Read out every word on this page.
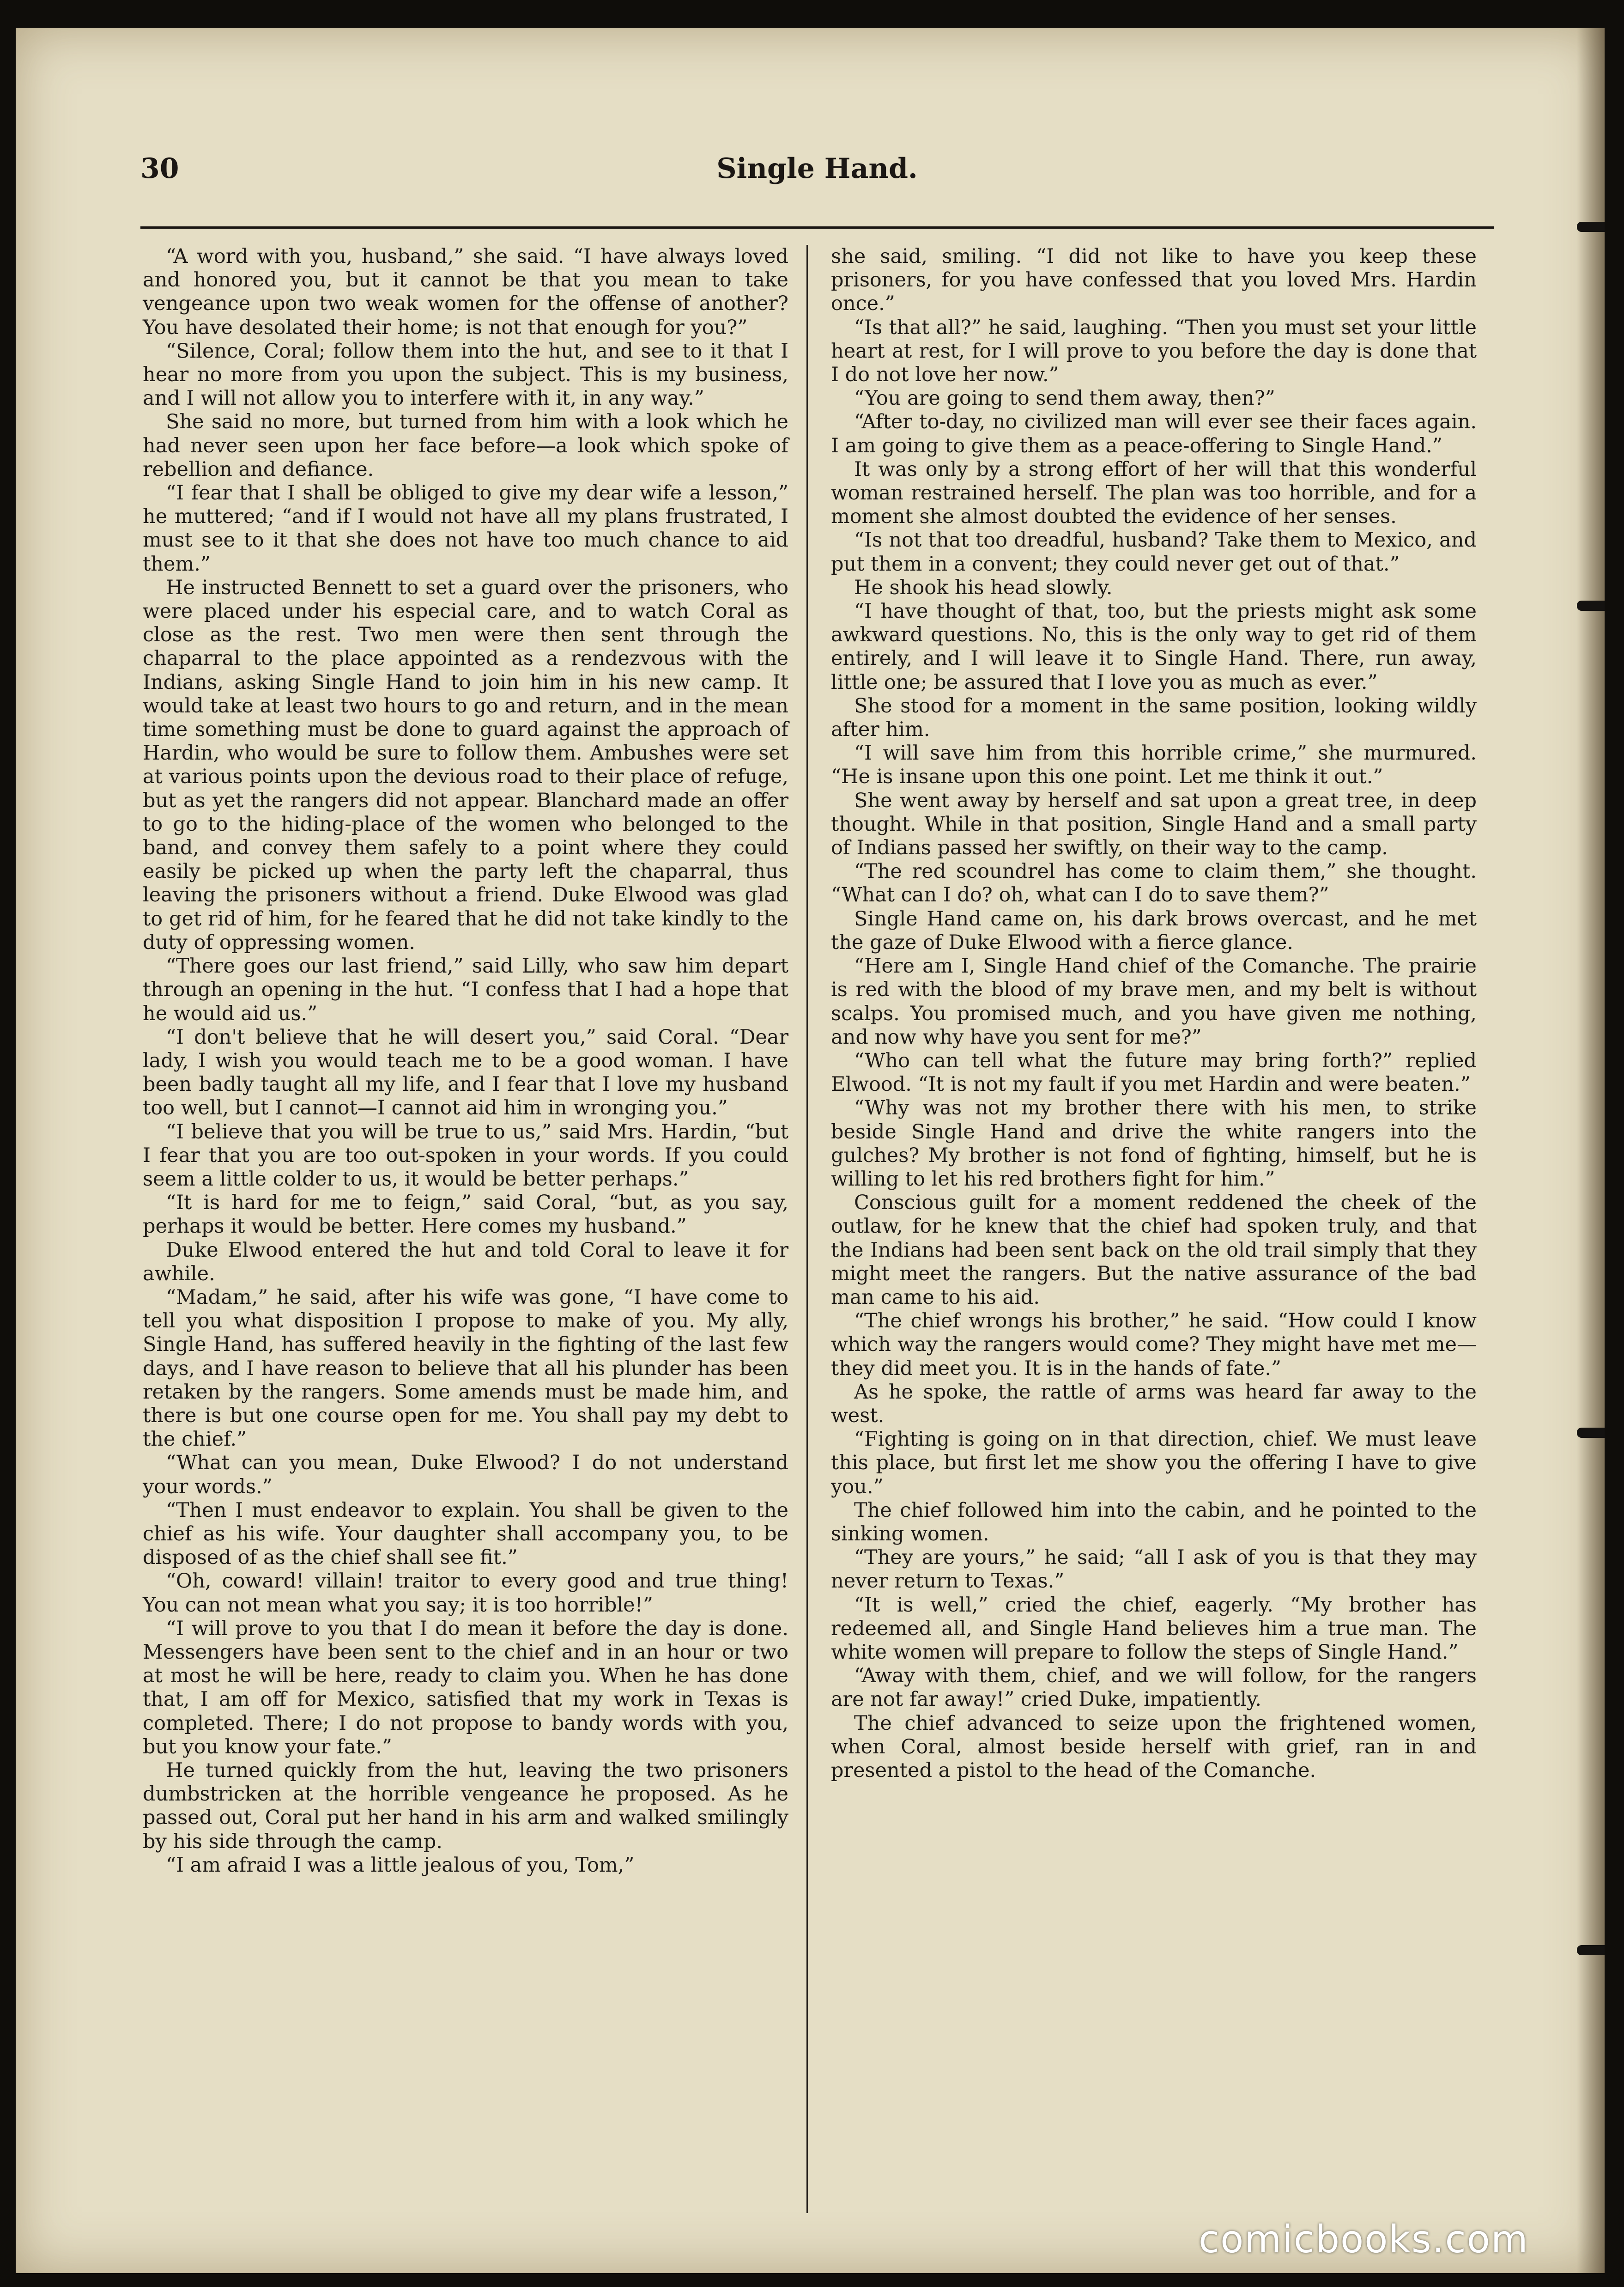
30	Single Hand.

“A word with you, husband,” she said. “I have always loved and honored you, but it cannot be that you mean to take vengeance upon two weak women for the offense of another? You have desolated their home; is not that enough for you?”

“Silence, Coral; follow them into the hut, and see to it that I hear no more from you upon the subject. This is my business, and I will not allow you to interfere with it, in any way.”

She said no more, but turned from him with a look which he had never seen upon her face before—a look which spoke of rebellion and defiance.

“I fear that I shall be obliged to give my dear wife a lesson,” he muttered; “and if I would not have all my plans frustrated, I must see to it that she does not have too much chance to aid them.”

He instructed Bennett to set a guard over the prisoners, who were placed under his especial care, and to watch Coral as close as the rest. Two men were then sent through the chaparral to the place appointed as a rendezvous with the Indians, asking Single Hand to join him in his new camp. It would take at least two hours to go and return, and in the mean time something must be done to guard against the approach of Hardin, who would be sure to follow them. Ambushes were set at various points upon the devious road to their place of refuge, but as yet the rangers did not appear. Blanchard made an offer to go to the hiding-place of the women who belonged to the band, and convey them safely to a point where they could easily be picked up when the party left the chaparral, thus leaving the prisoners without a friend. Duke Elwood was glad to get rid of him, for he feared that he did not take kindly to the duty of oppressing women.

“There goes our last friend,” said Lilly, who saw him depart through an opening in the hut. “I confess that I had a hope that he would aid us.”

“I don't believe that he will desert you,” said Coral. “Dear lady, I wish you would teach me to be a good woman. I have been badly taught all my life, and I fear that I love my husband too well, but I cannot—I cannot aid him in wronging you.”

“I believe that you will be true to us,” said Mrs. Hardin, “but I fear that you are too out-spoken in your words. If you could seem a little colder to us, it would be better perhaps.”

“It is hard for me to feign,” said Coral, “but, as you say, perhaps it would be better. Here comes my husband.”

Duke Elwood entered the hut and told Coral to leave it for awhile.

“Madam,” he said, after his wife was gone, “I have come to tell you what disposition I propose to make of you. My ally, Single Hand, has suffered heavily in the fighting of the last few days, and I have reason to believe that all his plunder has been retaken by the rangers. Some amends must be made him, and there is but one course open for me. You shall pay my debt to the chief.”

“What can you mean, Duke Elwood? I do not understand your words.”

“Then I must endeavor to explain. You shall be given to the chief as his wife. Your daughter shall accompany you, to be disposed of as the chief shall see fit.”

“Oh, coward! villain! traitor to every good and true thing! You can not mean what you say; it is too horrible!”

“I will prove to you that I do mean it before the day is done. Messengers have been sent to the chief and in an hour or two at most he will be here, ready to claim you. When he has done that, I am off for Mexico, satisfied that my work in Texas is completed. There; I do not propose to bandy words with you, but you know your fate.”

He turned quickly from the hut, leaving the two prisoners dumbstricken at the horrible vengeance he proposed. As he passed out, Coral put her hand in his arm and walked smilingly by his side through the camp.

“I am afraid I was a little jealous of you, Tom,”

she said, smiling. “I did not like to have you keep these prisoners, for you have confessed that you loved Mrs. Hardin once.”

“Is that all?” he said, laughing. “Then you must set your little heart at rest, for I will prove to you before the day is done that I do not love her now.”

“You are going to send them away, then?”

“After to-day, no civilized man will ever see their faces again. I am going to give them as a peace-offering to Single Hand.”

It was only by a strong effort of her will that this wonderful woman restrained herself. The plan was too horrible, and for a moment she almost doubted the evidence of her senses.

“Is not that too dreadful, husband? Take them to Mexico, and put them in a convent; they could never get out of that.”

He shook his head slowly.

“I have thought of that, too, but the priests might ask some awkward questions. No, this is the only way to get rid of them entirely, and I will leave it to Single Hand. There, run away, little one; be assured that I love you as much as ever.”

She stood for a moment in the same position, looking wildly after him.

“I will save him from this horrible crime,” she murmured. “He is insane upon this one point. Let me think it out.”

She went away by herself and sat upon a great tree, in deep thought. While in that position, Single Hand and a small party of Indians passed her swiftly, on their way to the camp.

“The red scoundrel has come to claim them,” she thought. “What can I do? oh, what can I do to save them?”

Single Hand came on, his dark brows overcast, and he met the gaze of Duke Elwood with a fierce glance.

“Here am I, Single Hand chief of the Comanche. The prairie is red with the blood of my brave men, and my belt is without scalps. You promised much, and you have given me nothing, and now why have you sent for me?”

“Who can tell what the future may bring forth?” replied Elwood. “It is not my fault if you met Hardin and were beaten.”

“Why was not my brother there with his men, to strike beside Single Hand and drive the white rangers into the gulches? My brother is not fond of fighting, himself, but he is willing to let his red brothers fight for him.”

Conscious guilt for a moment reddened the cheek of the outlaw, for he knew that the chief had spoken truly, and that the Indians had been sent back on the old trail simply that they might meet the rangers. But the native assurance of the bad man came to his aid.

“The chief wrongs his brother,” he said. “How could I know which way the rangers would come? They might have met me—they did meet you. It is in the hands of fate.”

As he spoke, the rattle of arms was heard far away to the west.

“Fighting is going on in that direction, chief. We must leave this place, but first let me show you the offering I have to give you.”

The chief followed him into the cabin, and he pointed to the sinking women.

“They are yours,” he said; “all I ask of you is that they may never return to Texas.”

“It is well,” cried the chief, eagerly. “My brother has redeemed all, and Single Hand believes him a true man. The white women will prepare to follow the steps of Single Hand.”

“Away with them, chief, and we will follow, for the rangers are not far away!” cried Duke, impatiently.

The chief advanced to seize upon the frightened women, when Coral, almost beside herself with grief, ran in and presented a pistol to the head of the Comanche.

comicbooks.com
